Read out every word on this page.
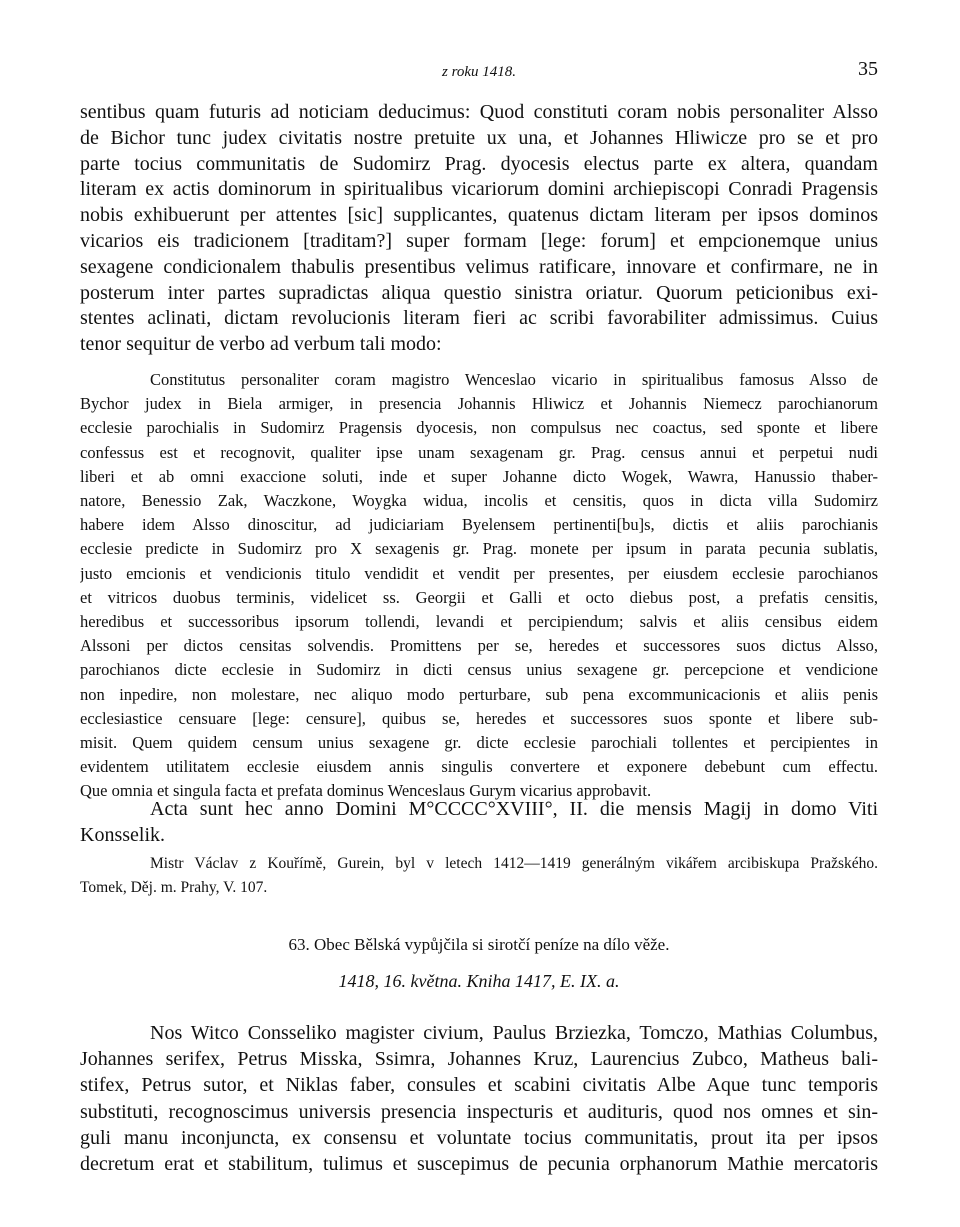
z roku 1418.	35
sentibus quam futuris ad noticiam deducimus: Quod constituti coram nobis personaliter Alsso
de Bichor tunc judex civitatis nostre pretuite ux una, et Johannes Hliwicze pro se et pro
parte tocius communitatis de Sudomirz Prag. dyocesis electus parte ex altera, quandam
literam ex actis dominorum in spiritualibus vicariorum domini archiepiscopi Conradi Pragensis
nobis exhibuerunt per attentes [sic] supplicantes, quatenus dictam literam per ipsos dominos
vicarios eis tradicionem [traditam?] super formam [lege: forum] et empcionemque unius
sexagene condicionalem thabulis presentibus velimus ratificare, innovare et confirmare, ne in
posterum inter partes supradictas aliqua questio sinistra oriatur. Quorum peticionibus exi-
stentes aclinati, dictam revolucionis literam fieri ac scribi favorabiliter admissimus. Cuius
tenor sequitur de verbo ad verbum tali modo:
Constitutus personaliter coram magistro Wenceslao vicario in spiritualibus famosus Alsso de
Bychor judex in Biela armiger, in presencia Johannis Hliwicz et Johannis Niemecz parochianorum
ecclesie parochialis in Sudomirz Pragensis dyocesis, non compulsus nec coactus, sed sponte et libere
confessus est et recognovit, qualiter ipse unam sexagenam gr. Prag. census annui et perpetui nudi
liberi et ab omni exaccione soluti, inde et super Johanne dicto Wogek, Wawra, Hanussio thaber-
natore, Benessio Zak, Waczkone, Woygka widua, incolis et censitis, quos in dicta villa Sudomirz
habere idem Alsso dinoscitur, ad judiciariam Byelensem pertinenti[bu]s, dictis et aliis parochianis
ecclesie predicte in Sudomirz pro X sexagenis gr. Prag. monete per ipsum in parata pecunia sublatis,
justo emcionis et vendicionis titulo vendidit et vendit per presentes, per eiusdem ecclesie parochianos
et vitricos duobus terminis, videlicet ss. Georgii et Galli et octo diebus post, a prefatis censitis,
heredibus et successoribus ipsorum tollendi, levandi et percipiendum; salvis et aliis censibus eidem
Alssoni per dictos censitas solvendis. Promittens per se, heredes et successores suos dictus Alsso,
parochianos dicte ecclesie in Sudomirz in dicti census unius sexagene gr. percepcione et vendicione
non inpedire, non molestare, nec aliquo modo perturbare, sub pena excommunicacionis et aliis penis
ecclesiastice censuare [lege: censure], quibus se, heredes et successores suos sponte et libere sub-
misit. Quem quidem censum unius sexagene gr. dicte ecclesie parochiali tollentes et percipientes in
evidentem utilitatem ecclesie eiusdem annis singulis convertere et exponere debebunt cum effectu.
Que omnia et singula facta et prefata dominus Wenceslaus Gurym vicarius approbavit.
Acta sunt hec anno Domini M°CCCC°XVIII°, II. die mensis Magij in domo Viti
Konsselik.
Mistr Václav z Kouřímě, Gurein, byl v letech 1412—1419 generálným vikářem arcibiskupa Pražského.
Tomek, Děj. m. Prahy, V. 107.
63. Obec Bělská vypůjčila si sirotčí peníze na dílo věže.
1418, 16. května. Kniha 1417, E. IX. a.
Nos Witco Consseliko magister civium, Paulus Brziezka, Tomczo, Mathias Columbus,
Johannes serifex, Petrus Misska, Ssimra, Johannes Kruz, Laurencius Zubco, Matheus bali-
stifex, Petrus sutor, et Niklas faber, consules et scabini civitatis Albe Aque tunc temporis
substituti, recognoscimus universis presencia inspecturis et audituris, quod nos omnes et sin-
guli manu inconjuncta, ex consensu et voluntate tocius communitatis, prout ita per ipsos
decretum erat et stabilitum, tulimus et suscepimus de pecunia orphanorum Mathie mercatoris
